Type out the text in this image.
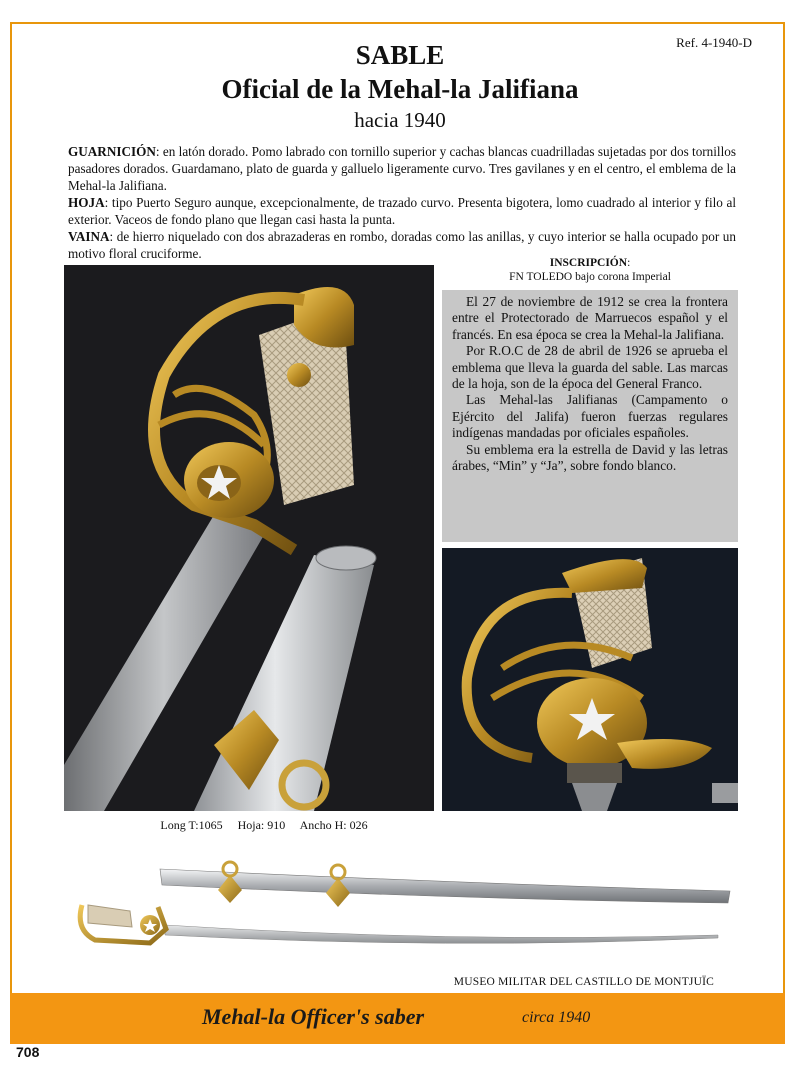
Ref. 4-1940-D
SABLE
Oficial de la Mehal-la Jalifiana
hacia 1940
GUARNICIÓN: en latón dorado. Pomo labrado con tornillo superior y cachas blancas cuadrilladas sujetadas por dos tornillos pasadores dorados. Guardamano, plato de guarda y galluelo ligeramente curvo. Tres gavilanes y en el centro, el emblema de la Mehal-la Jalifiana.
HOJA: tipo Puerto Seguro aunque, excepcionalmente, de trazado curvo. Presenta bigotera, lomo cuadrado al interior y filo al exterior. Vaceos de fondo plano que llegan casi hasta la punta.
VAINA: de hierro niquelado con dos abrazaderas en rombo, doradas como las anillas, y cuyo interior se halla ocupado por un motivo floral cruciforme.
INSCRIPCIÓN:
FN TOLEDO bajo corona Imperial

El 27 de noviembre de 1912 se crea la frontera entre el Protectorado de Marruecos español y el francés. En esa época se crea la Mehal-la Jalifiana.

Por R.O.C de 28 de abril de 1926 se aprueba el emblema que lleva la guarda del sable. Las marcas de la hoja, son de la época del General Franco.

Las Mehal-las Jalifianas (Campamento o Ejército del Jalifa) fueron fuerzas regulares indígenas mandadas por oficiales españoles.

Su emblema era la estrella de David y las letras árabes, “Min” y “Ja”, sobre fondo blanco.

Long T:1065     Hoja: 910     Ancho H: 026
MUSEO MILITAR DEL CASTILLO DE MONTJUÏC
Mehal-la Officer's saber	circa 1940
708
